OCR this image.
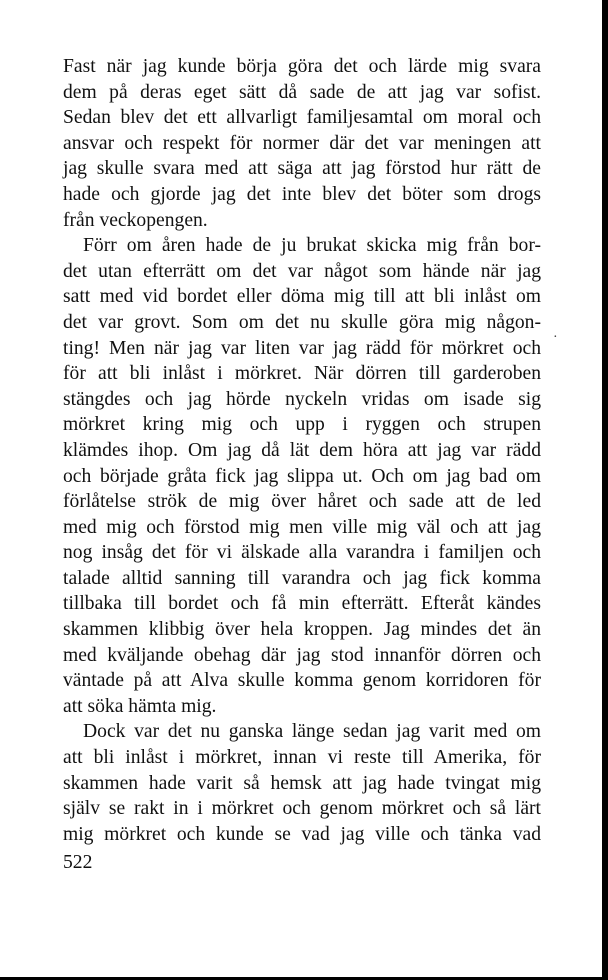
·

Fast när jag kunde börja göra det och lärde mig svara
dem på deras eget sätt då sade de att jag var sofist.
Sedan blev det ett allvarligt familjesamtal om moral och
ansvar och respekt för normer där det var meningen att
jag skulle svara med att säga att jag förstod hur rätt de
hade och gjorde jag det inte blev det böter som drogs
från veckopengen.

Förr om åren hade de ju brukat skicka mig från bor-
det utan efterrätt om det var något som hände när jag
satt med vid bordet eller döma mig till att bli inlåst om
det var grovt. Som om det nu skulle göra mig någon-
ting! Men när jag var liten var jag rädd för mörkret och
för att bli inlåst i mörkret. När dörren till garderoben
stängdes och jag hörde nyckeln vridas om isade sig
mörkret kring mig och upp i ryggen och strupen
klämdes ihop. Om jag då lät dem höra att jag var rädd
och började gråta fick jag slippa ut. Och om jag bad om
förlåtelse strök de mig över håret och sade att de led
med mig och förstod mig men ville mig väl och att jag
nog insåg det för vi älskade alla varandra i familjen och
talade alltid sanning till varandra och jag fick komma
tillbaka till bordet och få min efterrätt. Efteråt kändes
skammen klibbig över hela kroppen. Jag mindes det än
med kväljande obehag där jag stod innanför dörren och
väntade på att Alva skulle komma genom korridoren för
att söka hämta mig.

Dock var det nu ganska länge sedan jag varit med om
att bli inlåst i mörkret, innan vi reste till Amerika, för
skammen hade varit så hemsk att jag hade tvingat mig
själv se rakt in i mörkret och genom mörkret och så lärt
mig mörkret och kunde se vad jag ville och tänka vad

522
